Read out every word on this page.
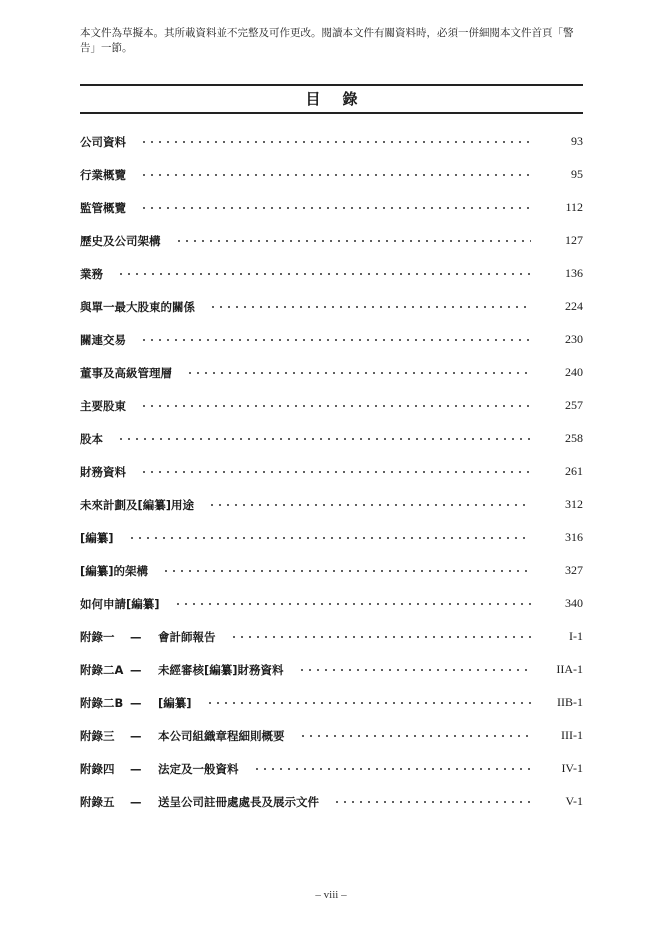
本文件為草擬本。其所載資料並不完整及可作更改。閱讀本文件有關資料時，必須一併細閱本文件首頁「警告」一節。
目錄
公司資料	93
行業概覽	95
監管概覽	112
歷史及公司架構	127
業務	136
與單一最大股東的關係	224
關連交易	230
董事及高級管理層	240
主要股東	257
股本	258
財務資料	261
未來計劃及[編纂]用途	312
[編纂]	316
[編纂]的架構	327
如何申請[編纂]	340
附錄一	—	會計師報告	I-1
附錄二A —	未經審核[編纂]財務資料	IIA-1
附錄二B —	[編纂]	IIB-1
附錄三	—	本公司組織章程細則概要	III-1
附錄四	—	法定及一般資料	IV-1
附錄五	—	送呈公司註冊處處長及展示文件	V-1
– viii –
